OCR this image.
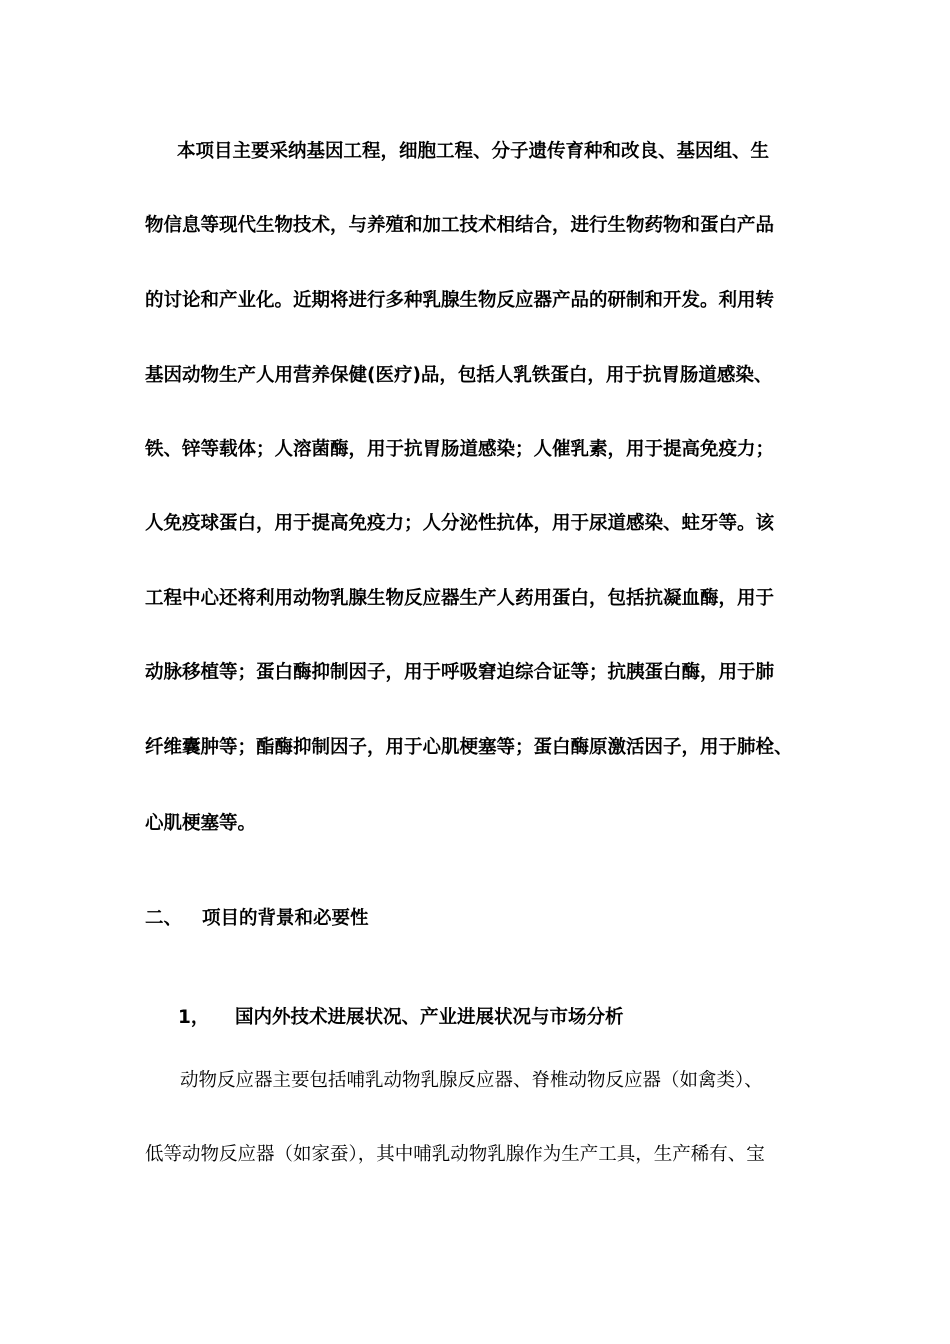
本项目主要采纳基因工程，细胞工程、分子遗传育种和改良、基因组、生
物信息等现代生物技术，与养殖和加工技术相结合，进行生物药物和蛋白产品
的讨论和产业化。近期将进行多种乳腺生物反应器产品的研制和开发。利用转
基因动物生产人用营养保健(医疗)品，包括人乳铁蛋白，用于抗胃肠道感染、
铁、锌等载体；人溶菌酶，用于抗胃肠道感染；人催乳素，用于提高免疫力；
人免疫球蛋白，用于提高免疫力；人分泌性抗体，用于尿道感染、蛀牙等。该
工程中心还将利用动物乳腺生物反应器生产人药用蛋白，包括抗凝血酶，用于
动脉移植等；蛋白酶抑制因子，用于呼吸窘迫综合证等；抗胰蛋白酶，用于肺
纤维囊肿等；酯酶抑制因子，用于心肌梗塞等；蛋白酶原激活因子，用于肺栓、
心肌梗塞等。
二、 项目的背景和必要性
1， 国内外技术进展状况、产业进展状况与市场分析
动物反应器主要包括哺乳动物乳腺反应器、脊椎动物反应器（如禽类）、
低等动物反应器（如家蚕），其中哺乳动物乳腺作为生产工具，生产稀有、宝
